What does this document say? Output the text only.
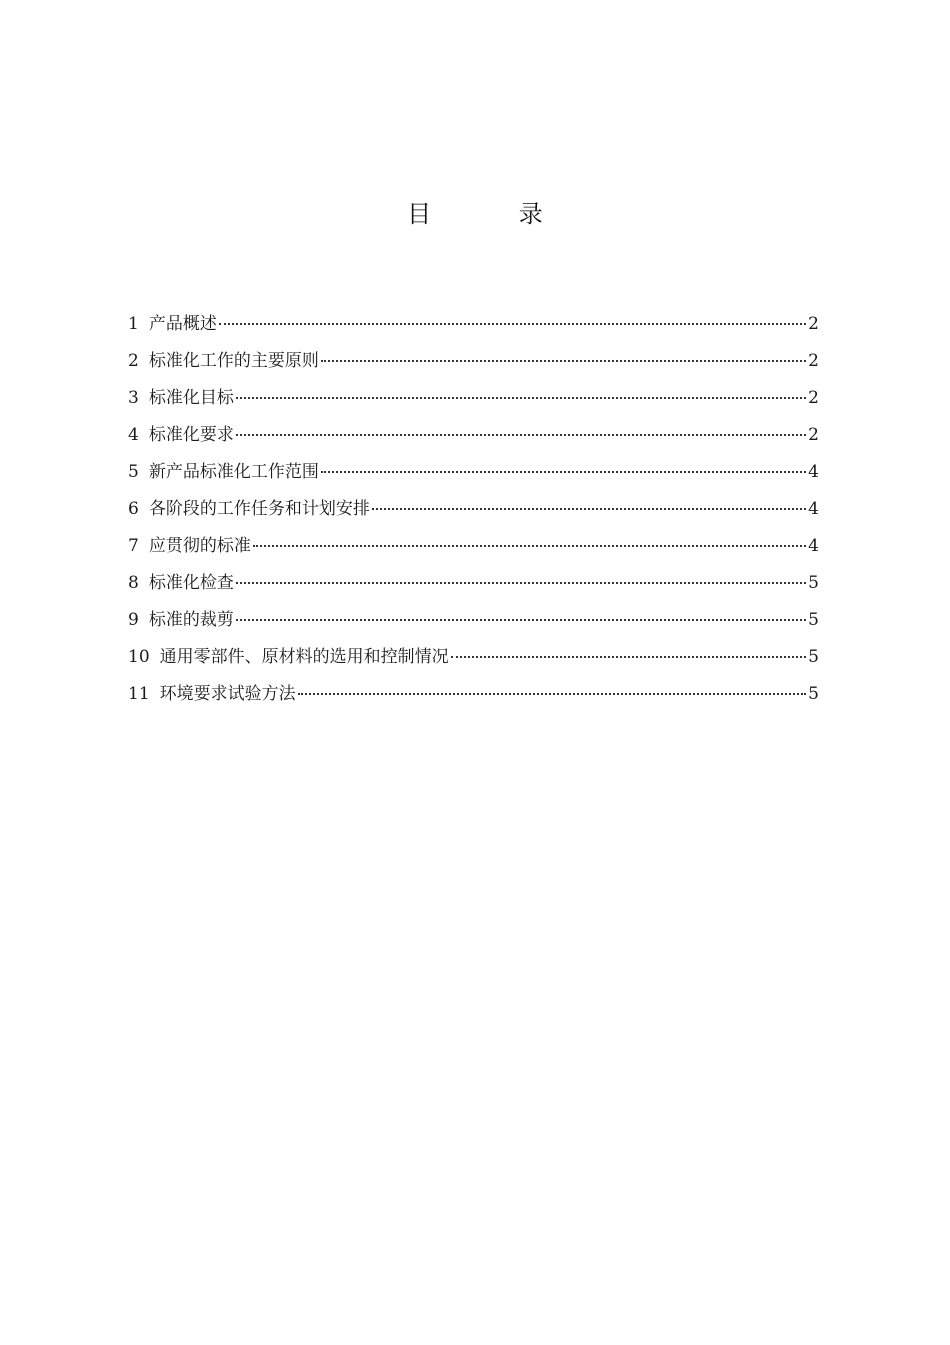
目 录
1 产品概述	2
2 标准化工作的主要原则	2
3 标准化目标	2
4 标准化要求	2
5 新产品标准化工作范围	4
6 各阶段的工作任务和计划安排	4
7 应贯彻的标准	4
8 标准化检查	5
9 标准的裁剪	5
10 通用零部件、原材料的选用和控制情况	5
11 环境要求试验方法	5
